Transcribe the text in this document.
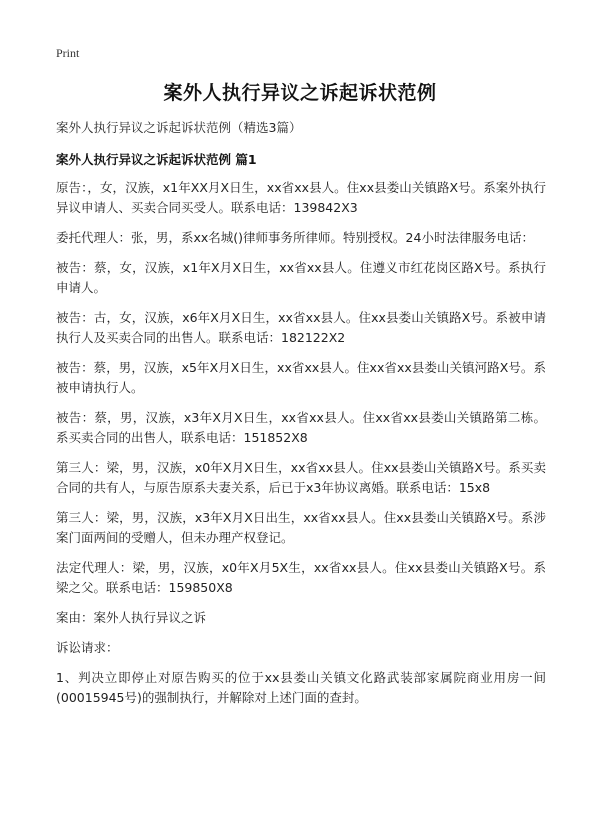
Print
案外人执行异议之诉起诉状范例

案外人执行异议之诉起诉状范例（精选3篇）

案外人执行异议之诉起诉状范例 篇1

原告：，女，汉族，x1年XX月X日生，xx省xx县人。住xx县娄山关镇路X号。系案外执行异议申请人、买卖合同买受人。联系电话：139842X3

委托代理人：张，男，系xx名城()律师事务所律师。特别授权。24小时法律服务电话：

被告：蔡，女，汉族，x1年X月X日生，xx省xx县人。住遵义市红花岗区路X号。系执行申请人。

被告：古，女，汉族，x6年X月X日生，xx省xx县人。住xx县娄山关镇路X号。系被申请执行人及买卖合同的出售人。联系电话：182122X2

被告：蔡，男，汉族，x5年X月X日生，xx省xx县人。住xx省xx县娄山关镇河路X号。系被申请执行人。

被告：蔡，男，汉族，x3年X月X日生，xx省xx县人。住xx省xx县娄山关镇路第二栋。系买卖合同的出售人，联系电话：151852X8

第三人：梁，男，汉族，x0年X月X日生，xx省xx县人。住xx县娄山关镇路X号。系买卖合同的共有人，与原告原系夫妻关系，后已于x3年协议离婚。联系电话：15x8

第三人：梁，男，汉族，x3年X月X日出生，xx省xx县人。住xx县娄山关镇路X号。系涉案门面两间的受赠人，但未办理产权登记。

法定代理人：梁，男，汉族，x0年X月5X生，xx省xx县人。住xx县娄山关镇路X号。系梁之父。联系电话：159850X8

案由：案外人执行异议之诉

诉讼请求：

1、判决立即停止对原告购买的位于xx县娄山关镇文化路武装部家属院商业用房一间(00015945号)的强制执行，并解除对上述门面的查封。
